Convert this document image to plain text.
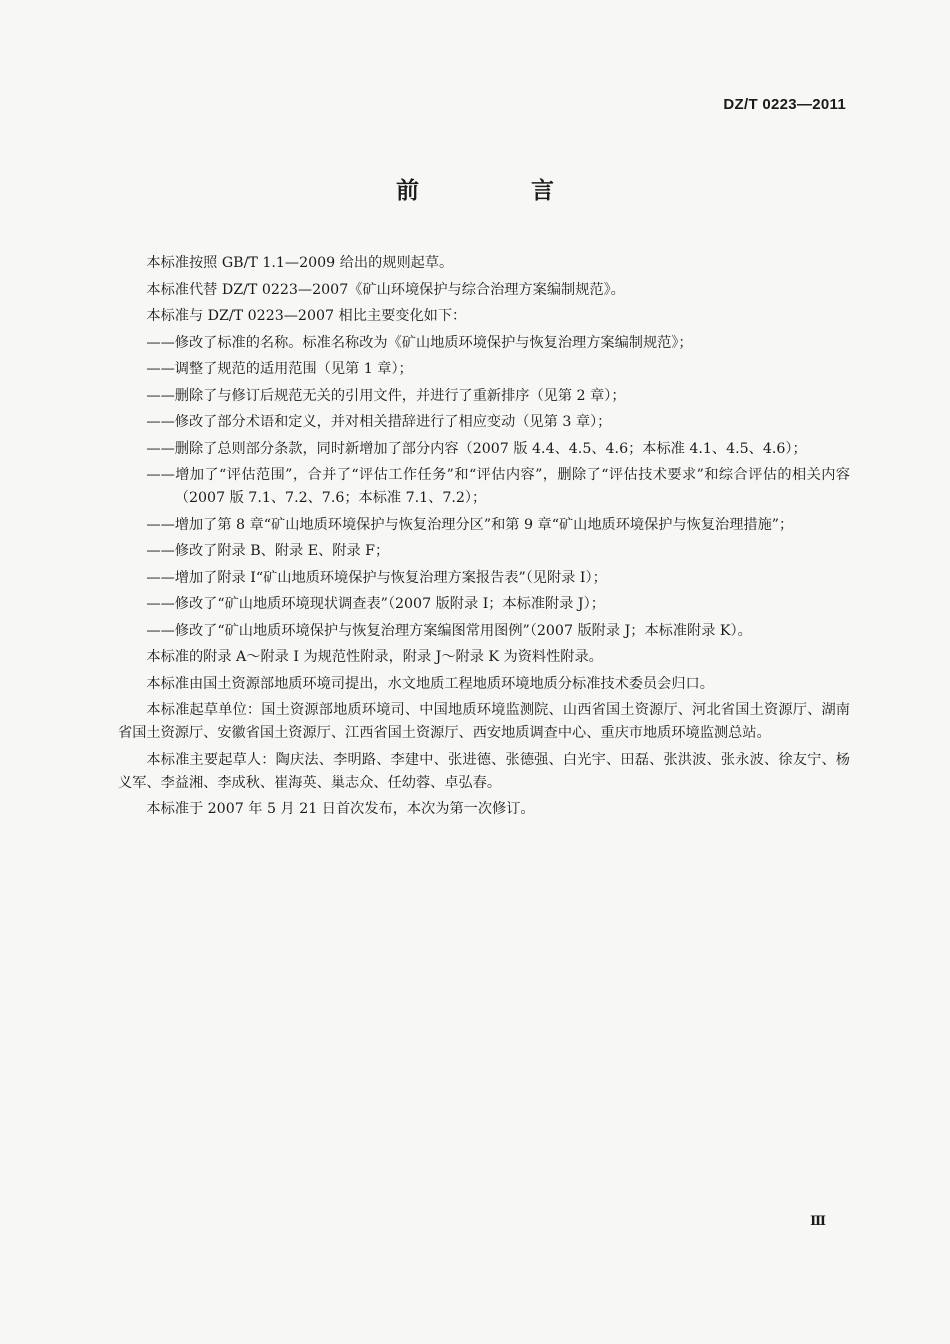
DZ/T 0223—2011
前 言

本标准按照 GB/T 1.1—2009 给出的规则起草。

本标准代替 DZ/T 0223—2007《矿山环境保护与综合治理方案编制规范》。

本标准与 DZ/T 0223—2007 相比主要变化如下：

——修改了标准的名称。标准名称改为《矿山地质环境保护与恢复治理方案编制规范》；

——调整了规范的适用范围（见第 1 章）；

——删除了与修订后规范无关的引用文件，并进行了重新排序（见第 2 章）；

——修改了部分术语和定义，并对相关措辞进行了相应变动（见第 3 章）；

——删除了总则部分条款，同时新增加了部分内容（2007 版 4.4、4.5、4.6；本标准 4.1、4.5、4.6）；

——增加了“评估范围”，合并了“评估工作任务”和“评估内容”，删除了“评估技术要求”和综合评估的相关内容（2007 版 7.1、7.2、7.6；本标准 7.1、7.2）；

——增加了第 8 章“矿山地质环境保护与恢复治理分区”和第 9 章“矿山地质环境保护与恢复治理措施”；

——修改了附录 B、附录 E、附录 F；

——增加了附录 I“矿山地质环境保护与恢复治理方案报告表”（见附录 I）；

——修改了“矿山地质环境现状调查表”（2007 版附录 I；本标准附录 J）；

——修改了“矿山地质环境保护与恢复治理方案编图常用图例”（2007 版附录 J；本标准附录 K）。

本标准的附录 A～附录 I 为规范性附录，附录 J～附录 K 为资料性附录。

本标准由国土资源部地质环境司提出，水文地质工程地质环境地质分标准技术委员会归口。

本标准起草单位：国土资源部地质环境司、中国地质环境监测院、山西省国土资源厅、河北省国土资源厅、湖南省国土资源厅、安徽省国土资源厅、江西省国土资源厅、西安地质调查中心、重庆市地质环境监测总站。

本标准主要起草人：陶庆法、李明路、李建中、张进德、张德强、白光宇、田磊、张洪波、张永波、徐友宁、杨义军、李益湘、李成秋、崔海英、巢志众、任幼蓉、卓弘春。

本标准于 2007 年 5 月 21 日首次发布，本次为第一次修订。

Ⅲ
